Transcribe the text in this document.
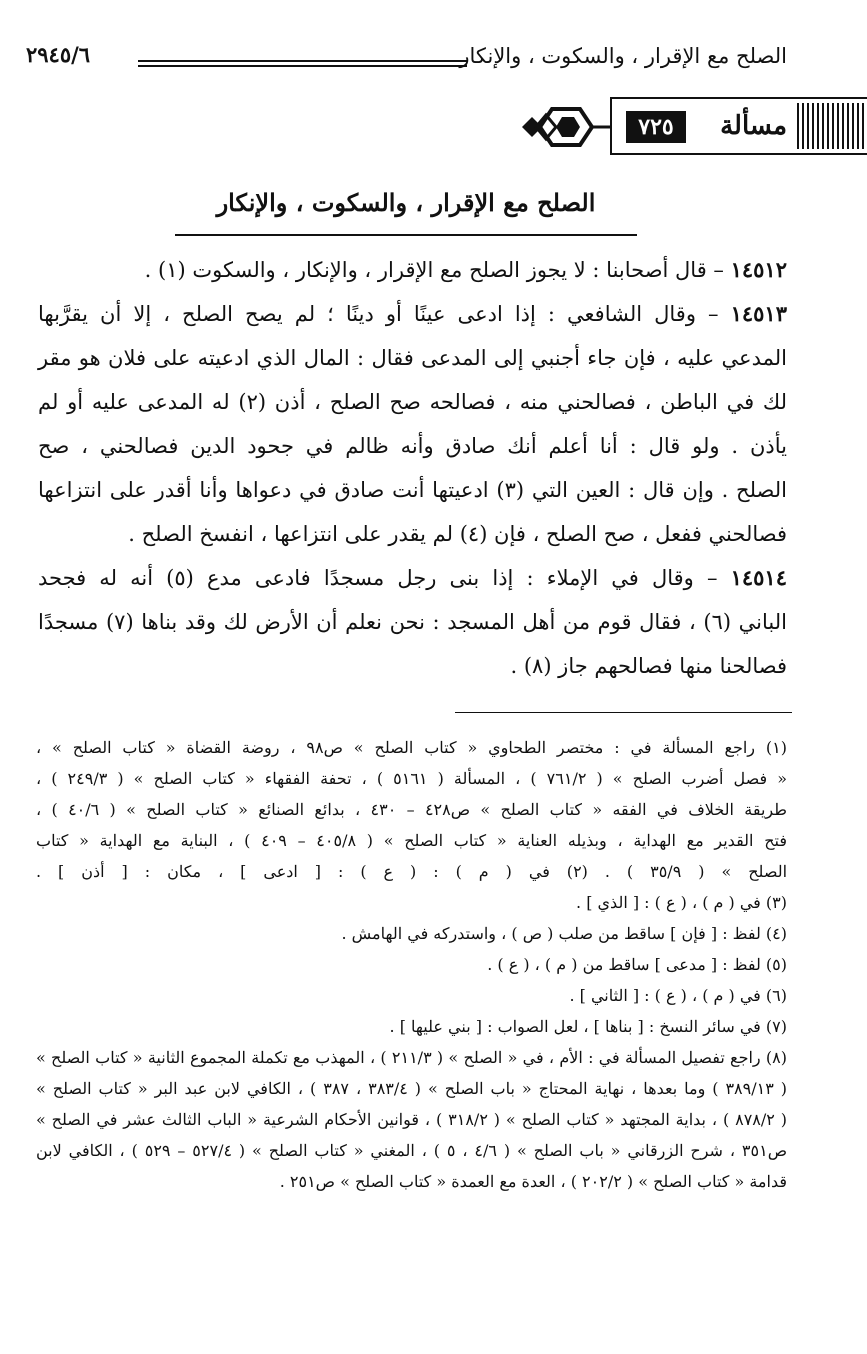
الصلح مع الإقرار ، والسكوت ، والإنكار
٢٩٤٥/٦
مسألة
٧٢٥
الصلح مع الإقرار ، والسكوت ، والإنكار
١٤٥١٢ – قال أصحابنا : لا يجوز الصلح مع الإقرار ، والإنكار ، والسكوت (١) .
١٤٥١٣ – وقال الشافعي : إذا ادعى عينًا أو دينًا ؛ لم يصح الصلح ، إلا أن يقرَّبها
المدعي عليه ، فإن جاء أجنبي إلى المدعى فقال : المال الذي ادعيته على فلان هو مقر
لك في الباطن ، فصالحني منه ، فصالحه صح الصلح ، أذن (٢) له المدعى عليه أو لم
يأذن . ولو قال : أنا أعلم أنك صادق وأنه ظالم في جحود الدين فصالحني ، صح
الصلح . وإن قال : العين التي (٣) ادعيتها أنت صادق في دعواها وأنا أقدر على انتزاعها
فصالحني ففعل ، صح الصلح ، فإن (٤) لم يقدر على انتزاعها ، انفسخ الصلح .
١٤٥١٤ – وقال في الإملاء : إذا بنى رجل مسجدًا فادعى مدع (٥) أنه له فجحد
الباني (٦) ، فقال قوم من أهل المسجد : نحن نعلم أن الأرض لك وقد بناها (٧) مسجدًا
فصالحنا منها فصالحهم جاز (٨) .
(١) راجع المسألة في : مختصر الطحاوي « كتاب الصلح » ص٩٨ ، روضة القضاة « كتاب الصلح » ،
« فصل أضرب الصلح » ( ٧٦١/٢ ) ، المسألة ( ٥١٦١ ) ، تحفة الفقهاء « كتاب الصلح » ( ٢٤٩/٣ ) ،
طريقة الخلاف في الفقه « كتاب الصلح » ص٤٢٨ – ٤٣٠ ، بدائع الصنائع « كتاب الصلح » ( ٤٠/٦ ) ،
فتح القدير مع الهداية ، وبذيله العناية « كتاب الصلح » ( ٤٠٥/٨ – ٤٠٩ ) ، البناية مع الهداية « كتاب
الصلح » ( ٣٥/٩ ) . (٢) في ( م ) : ( ع ) : [ ادعى ] ، مكان : [ أذن ] .
(٣) في ( م ) ، ( ع ) : [ الذي ] .
(٤) لفظ : [ فإن ] ساقط من صلب ( ص ) ، واستدركه في الهامش .
(٥) لفظ : [ مدعى ] ساقط من ( م ) ، ( ع ) .
(٦) في ( م ) ، ( ع ) : [ الثاني ] .
(٧) في سائر النسخ : [ بناها ] ، لعل الصواب : [ بني عليها ] .
(٨) راجع تفصيل المسألة في : الأم ، في « الصلح » ( ٢١١/٣ ) ، المهذب مع تكملة المجموع الثانية « كتاب الصلح »
( ٣٨٩/١٣ ) وما بعدها ، نهاية المحتاج « باب الصلح » ( ٣٨٣/٤ ، ٣٨٧ ) ، الكافي لابن عبد البر « كتاب الصلح »
( ٨٧٨/٢ ) ، بداية المجتهد « كتاب الصلح » ( ٣١٨/٢ ) ، قوانين الأحكام الشرعية « الباب الثالث عشر في الصلح »
ص٣٥١ ، شرح الزرقاني « باب الصلح » ( ٤/٦ ، ٥ ) ، المغني « كتاب الصلح » ( ٥٢٧/٤ – ٥٢٩ ) ، الكافي لابن
قدامة « كتاب الصلح » ( ٢٠٢/٢ ) ، العدة مع العمدة « كتاب الصلح » ص٢٥١ .
